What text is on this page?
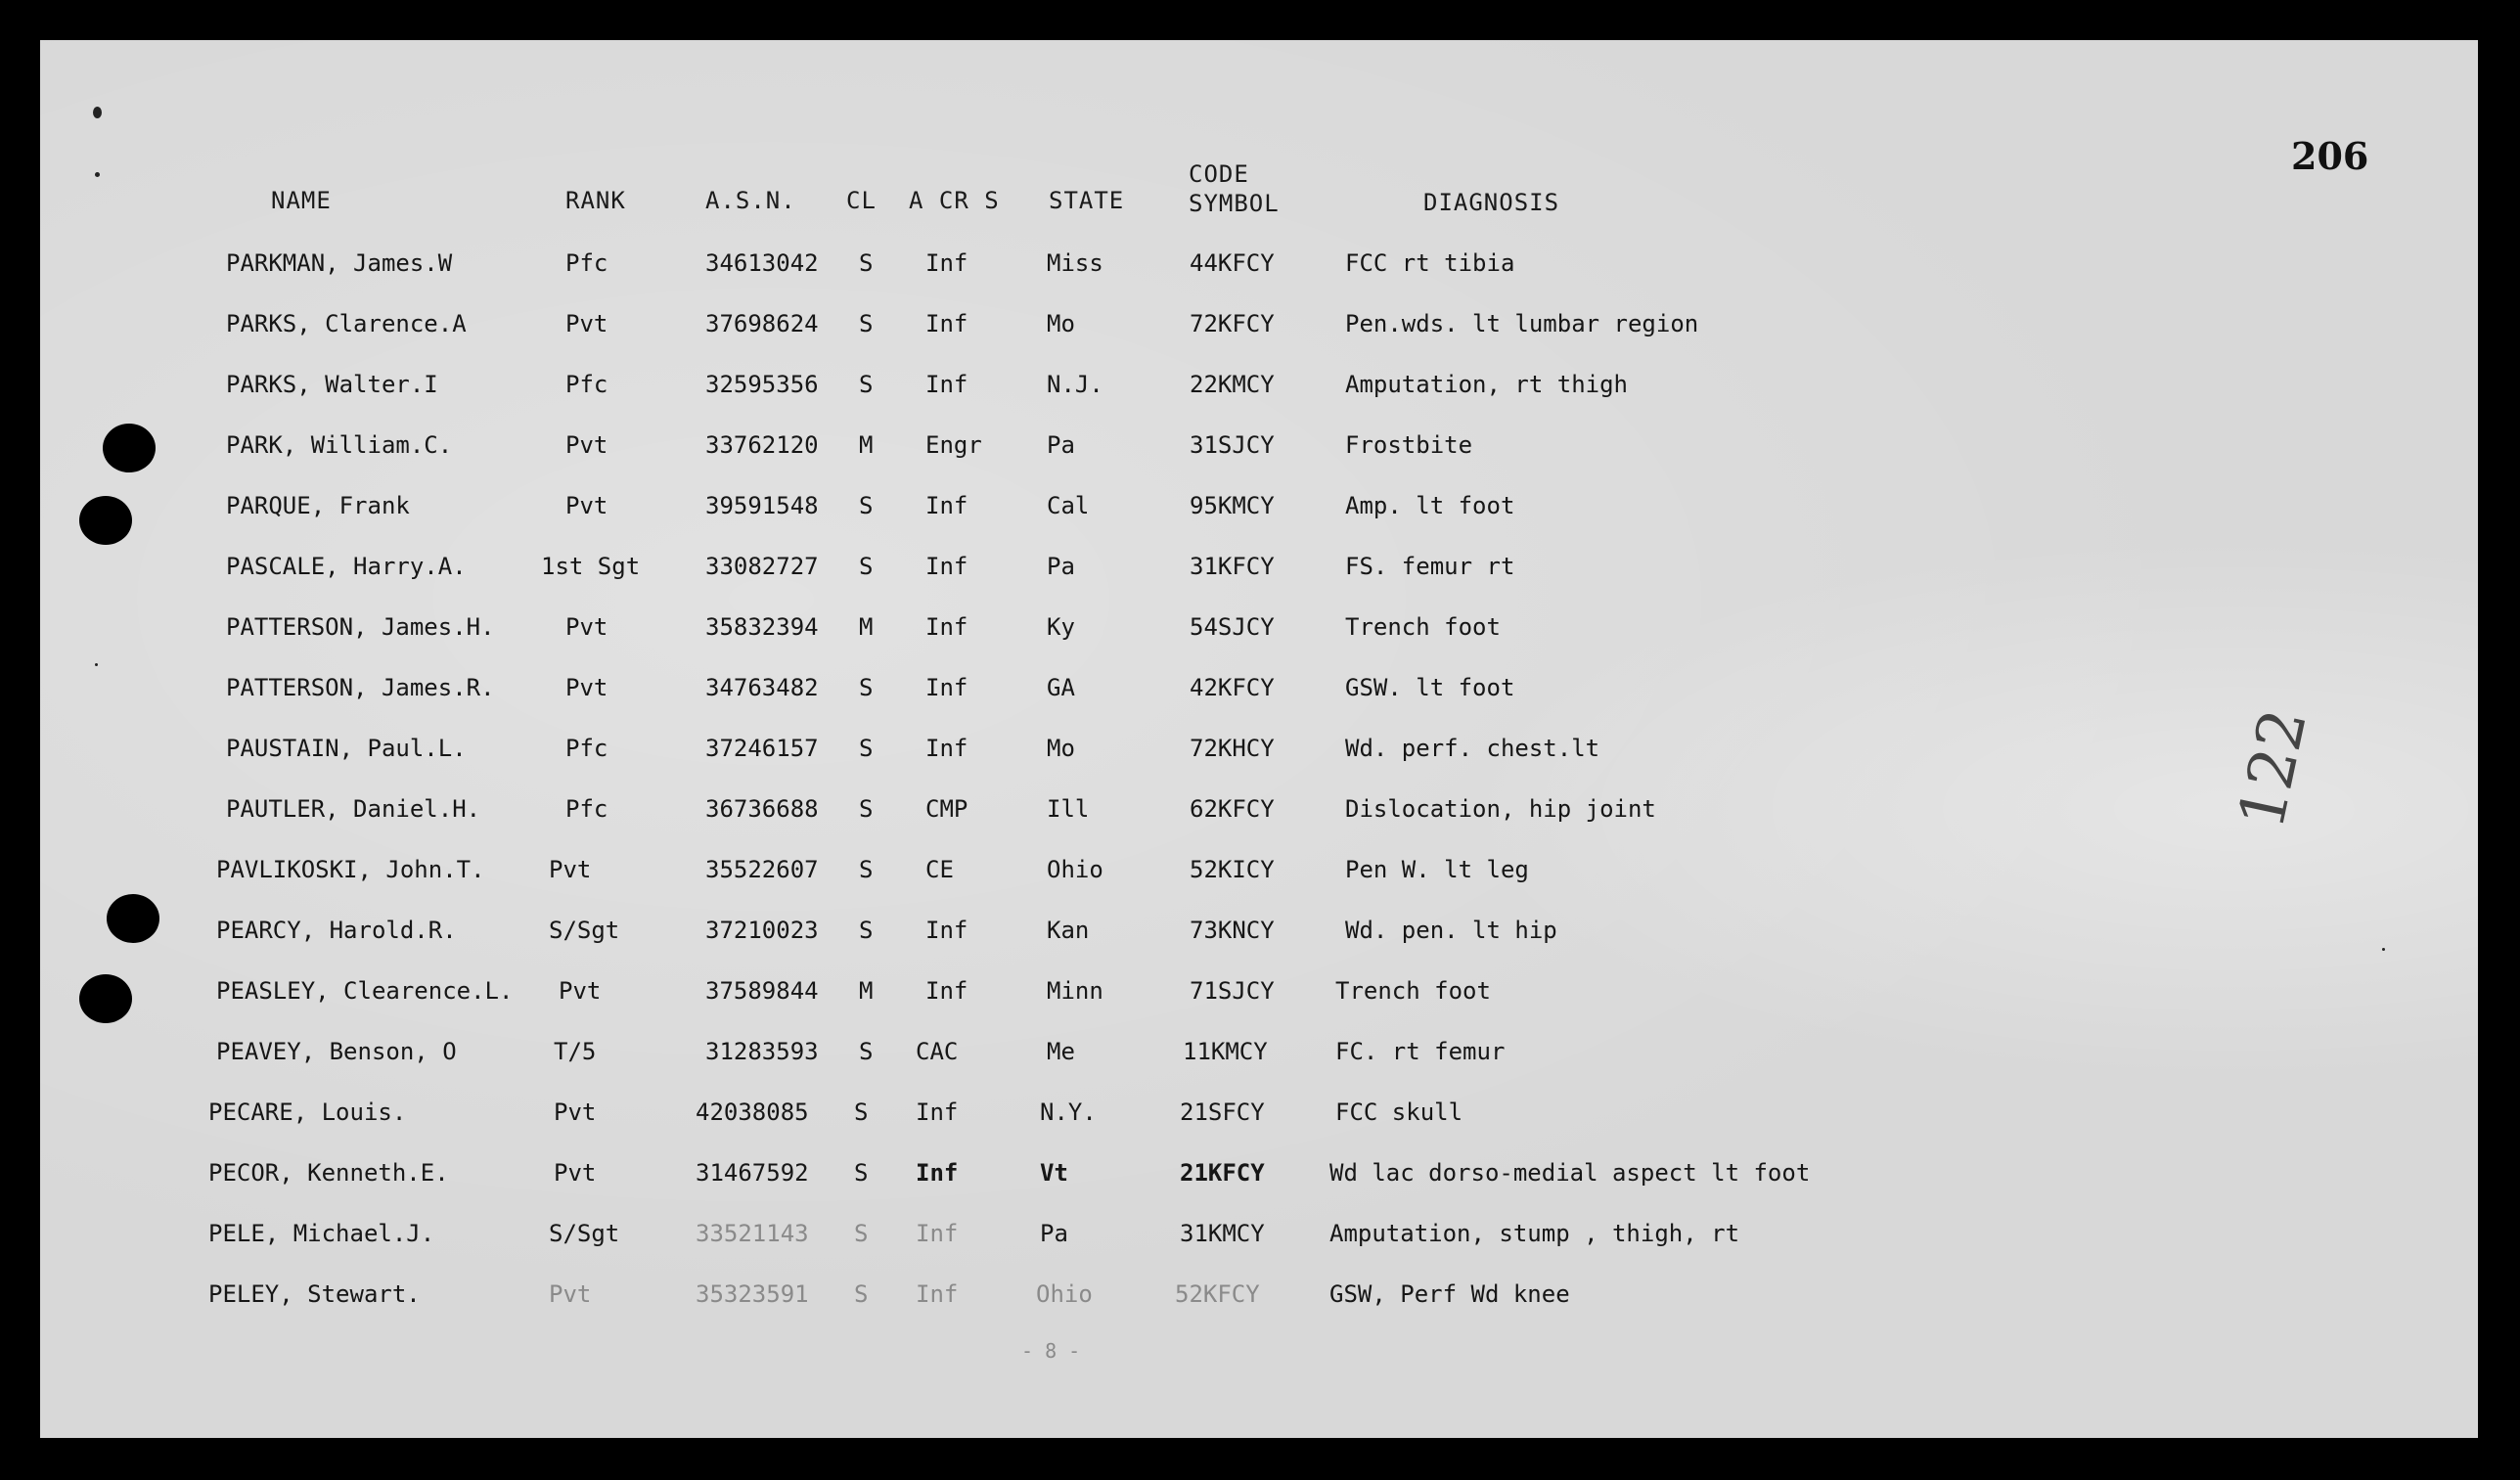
206
122
NAME	RANK	A.S.N. CL A CR S STATE
CODE
SYMBOL	DIAGNOSIS
PARKMAN, James.W	Pfc	34613042 S Inf	Miss	44KFCY	FCC rt tibia
PARKS, Clarence.A	Pvt	37698624 S Inf	Mo	72KFCY	Pen.wds. lt lumbar region
PARKS, Walter.I	Pfc	32595356 S Inf	N.J.	22KMCY	Amputation, rt thigh
PARK, William.C.	Pvt	33762120 M Engr	Pa	31SJCY	Frostbite
PARQUE, Frank	Pvt	39591548 S Inf	Cal	95KMCY	Amp. lt foot
PASCALE, Harry.A.	1st Sgt	33082727 S Inf	Pa	31KFCY	FS. femur rt
PATTERSON, James.H.	Pvt	35832394 M Inf	Ky	54SJCY	Trench foot
PATTERSON, James.R.	Pvt	34763482 S Inf	GA	42KFCY	GSW. lt foot
PAUSTAIN, Paul.L.	Pfc	37246157 S Inf	Mo	72KHCY	Wd. perf. chest.lt
PAUTLER, Daniel.H.	Pfc	36736688 S CMP	Ill	62KFCY	Dislocation, hip joint
PAVLIKOSKI, John.T.	Pvt	35522607 S CE	Ohio	52KICY	Pen W. lt leg
PEARCY, Harold.R.	S/Sgt	37210023 S Inf	Kan	73KNCY	Wd. pen. lt hip
PEASLEY, Clearence.L. Pvt	37589844 M Inf	Minn	71SJCY	Trench foot
PEAVEY, Benson, O	T/5	31283593 S CAC	Me	11KMCY	FC. rt femur
PECARE, Louis.	Pvt	42038085 S Inf	N.Y.	21SFCY	FCC skull
PECOR, Kenneth.E.	Pvt	31467592 S Inf	Vt	21KFCY	Wd lac dorso-medial aspect lt foot
PELE, Michael.J.	S/Sgt	33521143 S Inf	Pa	31KMCY	Amputation, stump , thigh, rt
PELEY, Stewart.	Pvt	35323591 S Inf	Ohio	52KFCY	GSW, Perf Wd knee
- 8 -
